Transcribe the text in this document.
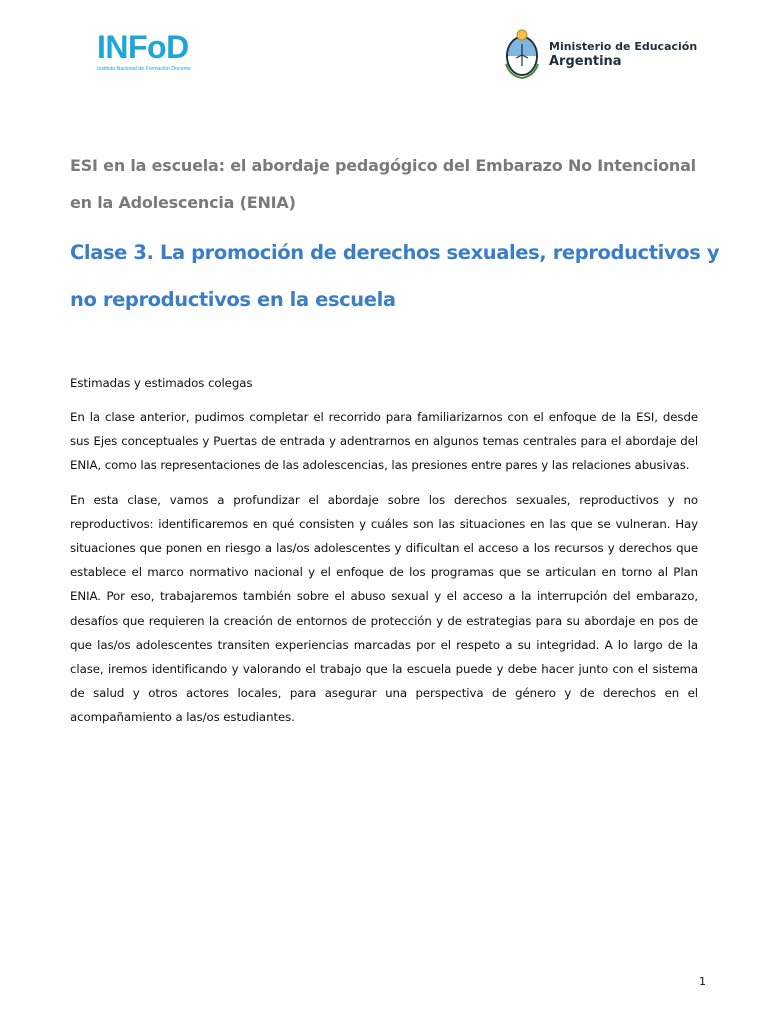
INFoD
Instituto Nacional de Formación Docente
Ministerio de Educación
Argentina
ESI en la escuela: el abordaje pedagógico del Embarazo No Intencional en la Adolescencia (ENIA)
Clase 3. La promoción de derechos sexuales, reproductivos y no reproductivos en la escuela

Estimadas y estimados colegas

En la clase anterior, pudimos completar el recorrido para familiarizarnos con el enfoque de la ESI, desde sus Ejes conceptuales y Puertas de entrada y adentrarnos en algunos temas centrales para el abordaje del ENIA, como las representaciones de las adolescencias, las presiones entre pares y las relaciones abusivas.

En esta clase, vamos a profundizar el abordaje sobre los derechos sexuales, reproductivos y no reproductivos: identificaremos en qué consisten y cuáles son las situaciones en las que se vulneran. Hay situaciones que ponen en riesgo a las/os adolescentes y dificultan el acceso a los recursos y derechos que establece el marco normativo nacional y el enfoque de los programas que se articulan en torno al Plan ENIA. Por eso, trabajaremos también sobre el abuso sexual y el acceso a la interrupción del embarazo, desafíos que requieren la creación de entornos de protección y de estrategias para su abordaje en pos de que las/os adolescentes transiten experiencias marcadas por el respeto a su integridad. A lo largo de la clase, iremos identificando y valorando el trabajo que la escuela puede y debe hacer junto con el sistema de salud y otros actores locales, para asegurar una perspectiva de género y de derechos en el acompañamiento a las/os estudiantes.

1
